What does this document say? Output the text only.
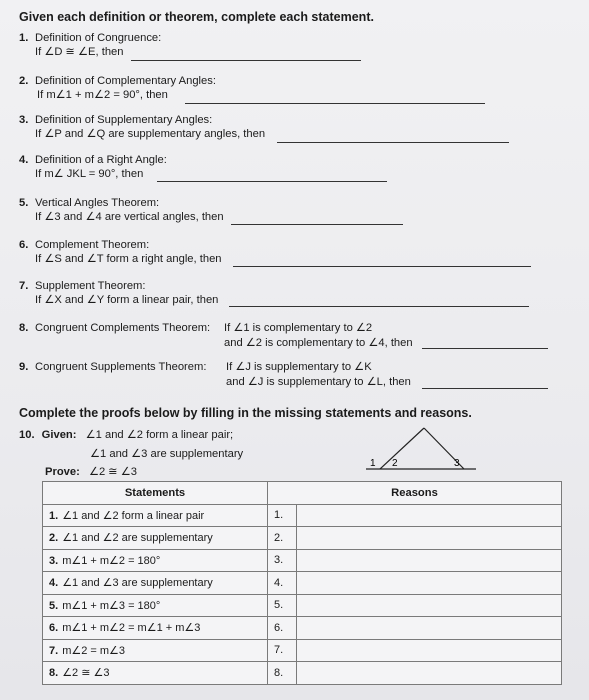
Given each definition or theorem, complete each statement.
1. Definition of Congruence:
If ∠D ≅ ∠E, then
2. Definition of Complementary Angles:
If m∠1 + m∠2 = 90°, then
3. Definition of Supplementary Angles:
If ∠P and ∠Q are supplementary angles, then
4. Definition of a Right Angle:
If m∠ JKL = 90°, then
5. Vertical Angles Theorem:
If ∠3 and ∠4 are vertical angles, then
6. Complement Theorem:
If ∠S and ∠T form a right angle, then
7. Supplement Theorem:
If ∠X and ∠Y form a linear pair, then
8. Congruent Complements Theorem: If ∠1 is complementary to ∠2
and ∠2 is complementary to ∠4, then
9. Congruent Supplements Theorem: If ∠J is supplementary to ∠K
and ∠J is supplementary to ∠L, then
Complete the proofs below by filling in the missing statements and reasons.
10. Given: ∠1 and ∠2 form a linear pair;
∠1 and ∠3 are supplementary
Prove: ∠2 ≅ ∠3
1 2	3
Statements	Reasons	
1. ∠1 and ∠2 form a linear pair	1.	
2. ∠1 and ∠2 are supplementary	2.	
3. m∠1 + m∠2 = 180°	3.	
4. ∠1 and ∠3 are supplementary	4.	
5. m∠1 + m∠3 = 180°	5.	
6. m∠1 + m∠2 = m∠1 + m∠3	6.	
7. m∠2 = m∠3	7.	
8. ∠2 ≅ ∠3	8.	
